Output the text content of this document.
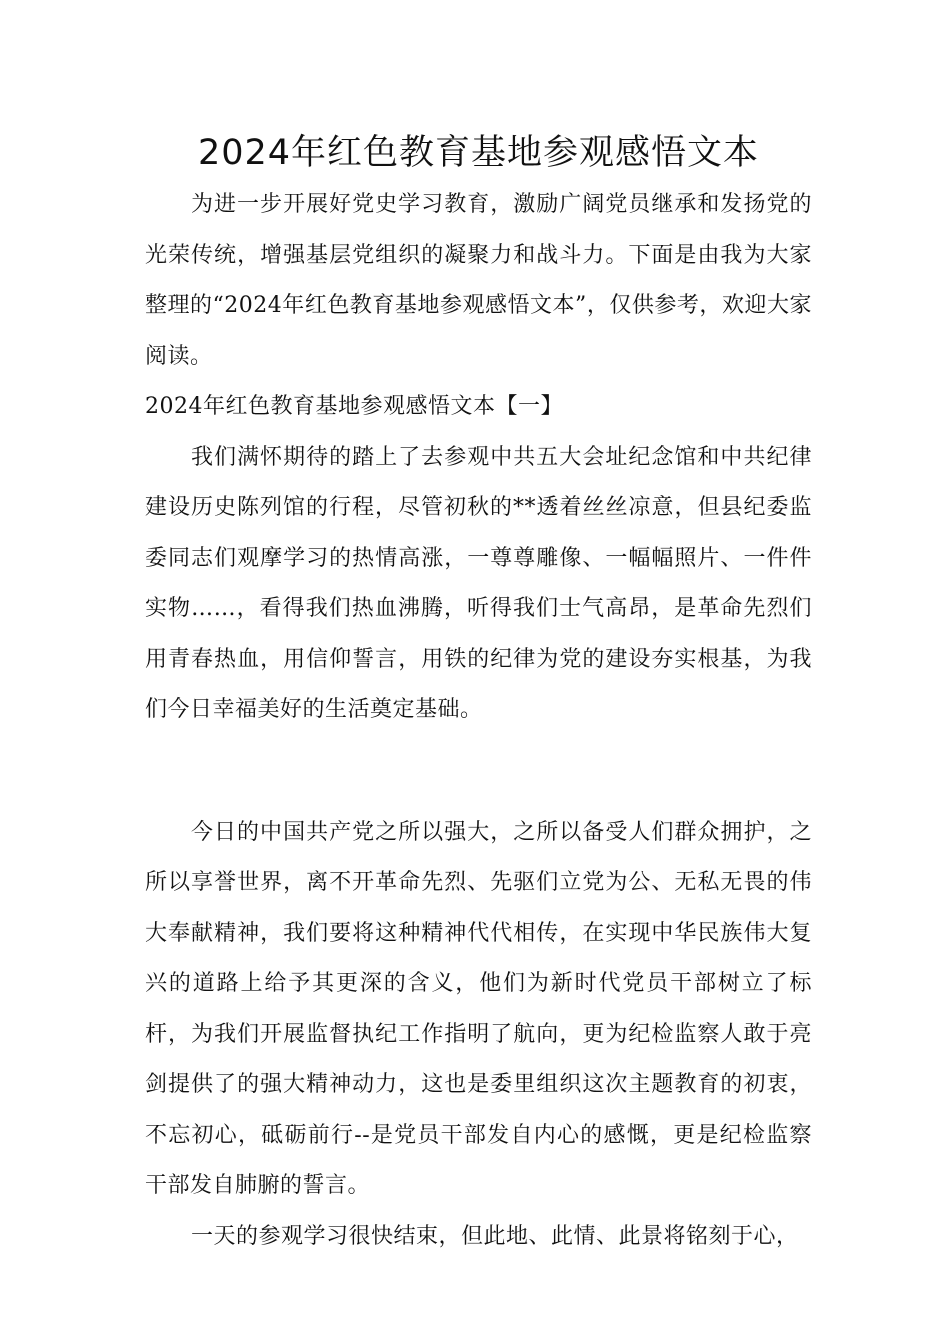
2024年红色教育基地参观感悟文本

为进一步开展好党史学习教育，激励广阔党员继承和发扬党的光荣传统，增强基层党组织的凝聚力和战斗力。下面是由我为大家整理的“2024年红色教育基地参观感悟文本”，仅供参考，欢迎大家阅读。

2024年红色教育基地参观感悟文本【一】

我们满怀期待的踏上了去参观中共五大会址纪念馆和中共纪律建设历史陈列馆的行程，尽管初秋的**透着丝丝凉意，但县纪委监委同志们观摩学习的热情高涨，一尊尊雕像、一幅幅照片、一件件实物……，看得我们热血沸腾，听得我们士气高昂，是革命先烈们用青春热血，用信仰誓言，用铁的纪律为党的建设夯实根基，为我们今日幸福美好的生活奠定基础。

今日的中国共产党之所以强大，之所以备受人们群众拥护，之所以享誉世界，离不开革命先烈、先驱们立党为公、无私无畏的伟大奉献精神，我们要将这种精神代代相传，在实现中华民族伟大复兴的道路上给予其更深的含义，他们为新时代党员干部树立了标杆，为我们开展监督执纪工作指明了航向，更为纪检监察人敢于亮剑提供了的强大精神动力，这也是委里组织这次主题教育的初衷，不忘初心，砥砺前行--是党员干部发自内心的感慨，更是纪检监察干部发自肺腑的誓言。

一天的参观学习很快结束，但此地、此情、此景将铭刻于心，
